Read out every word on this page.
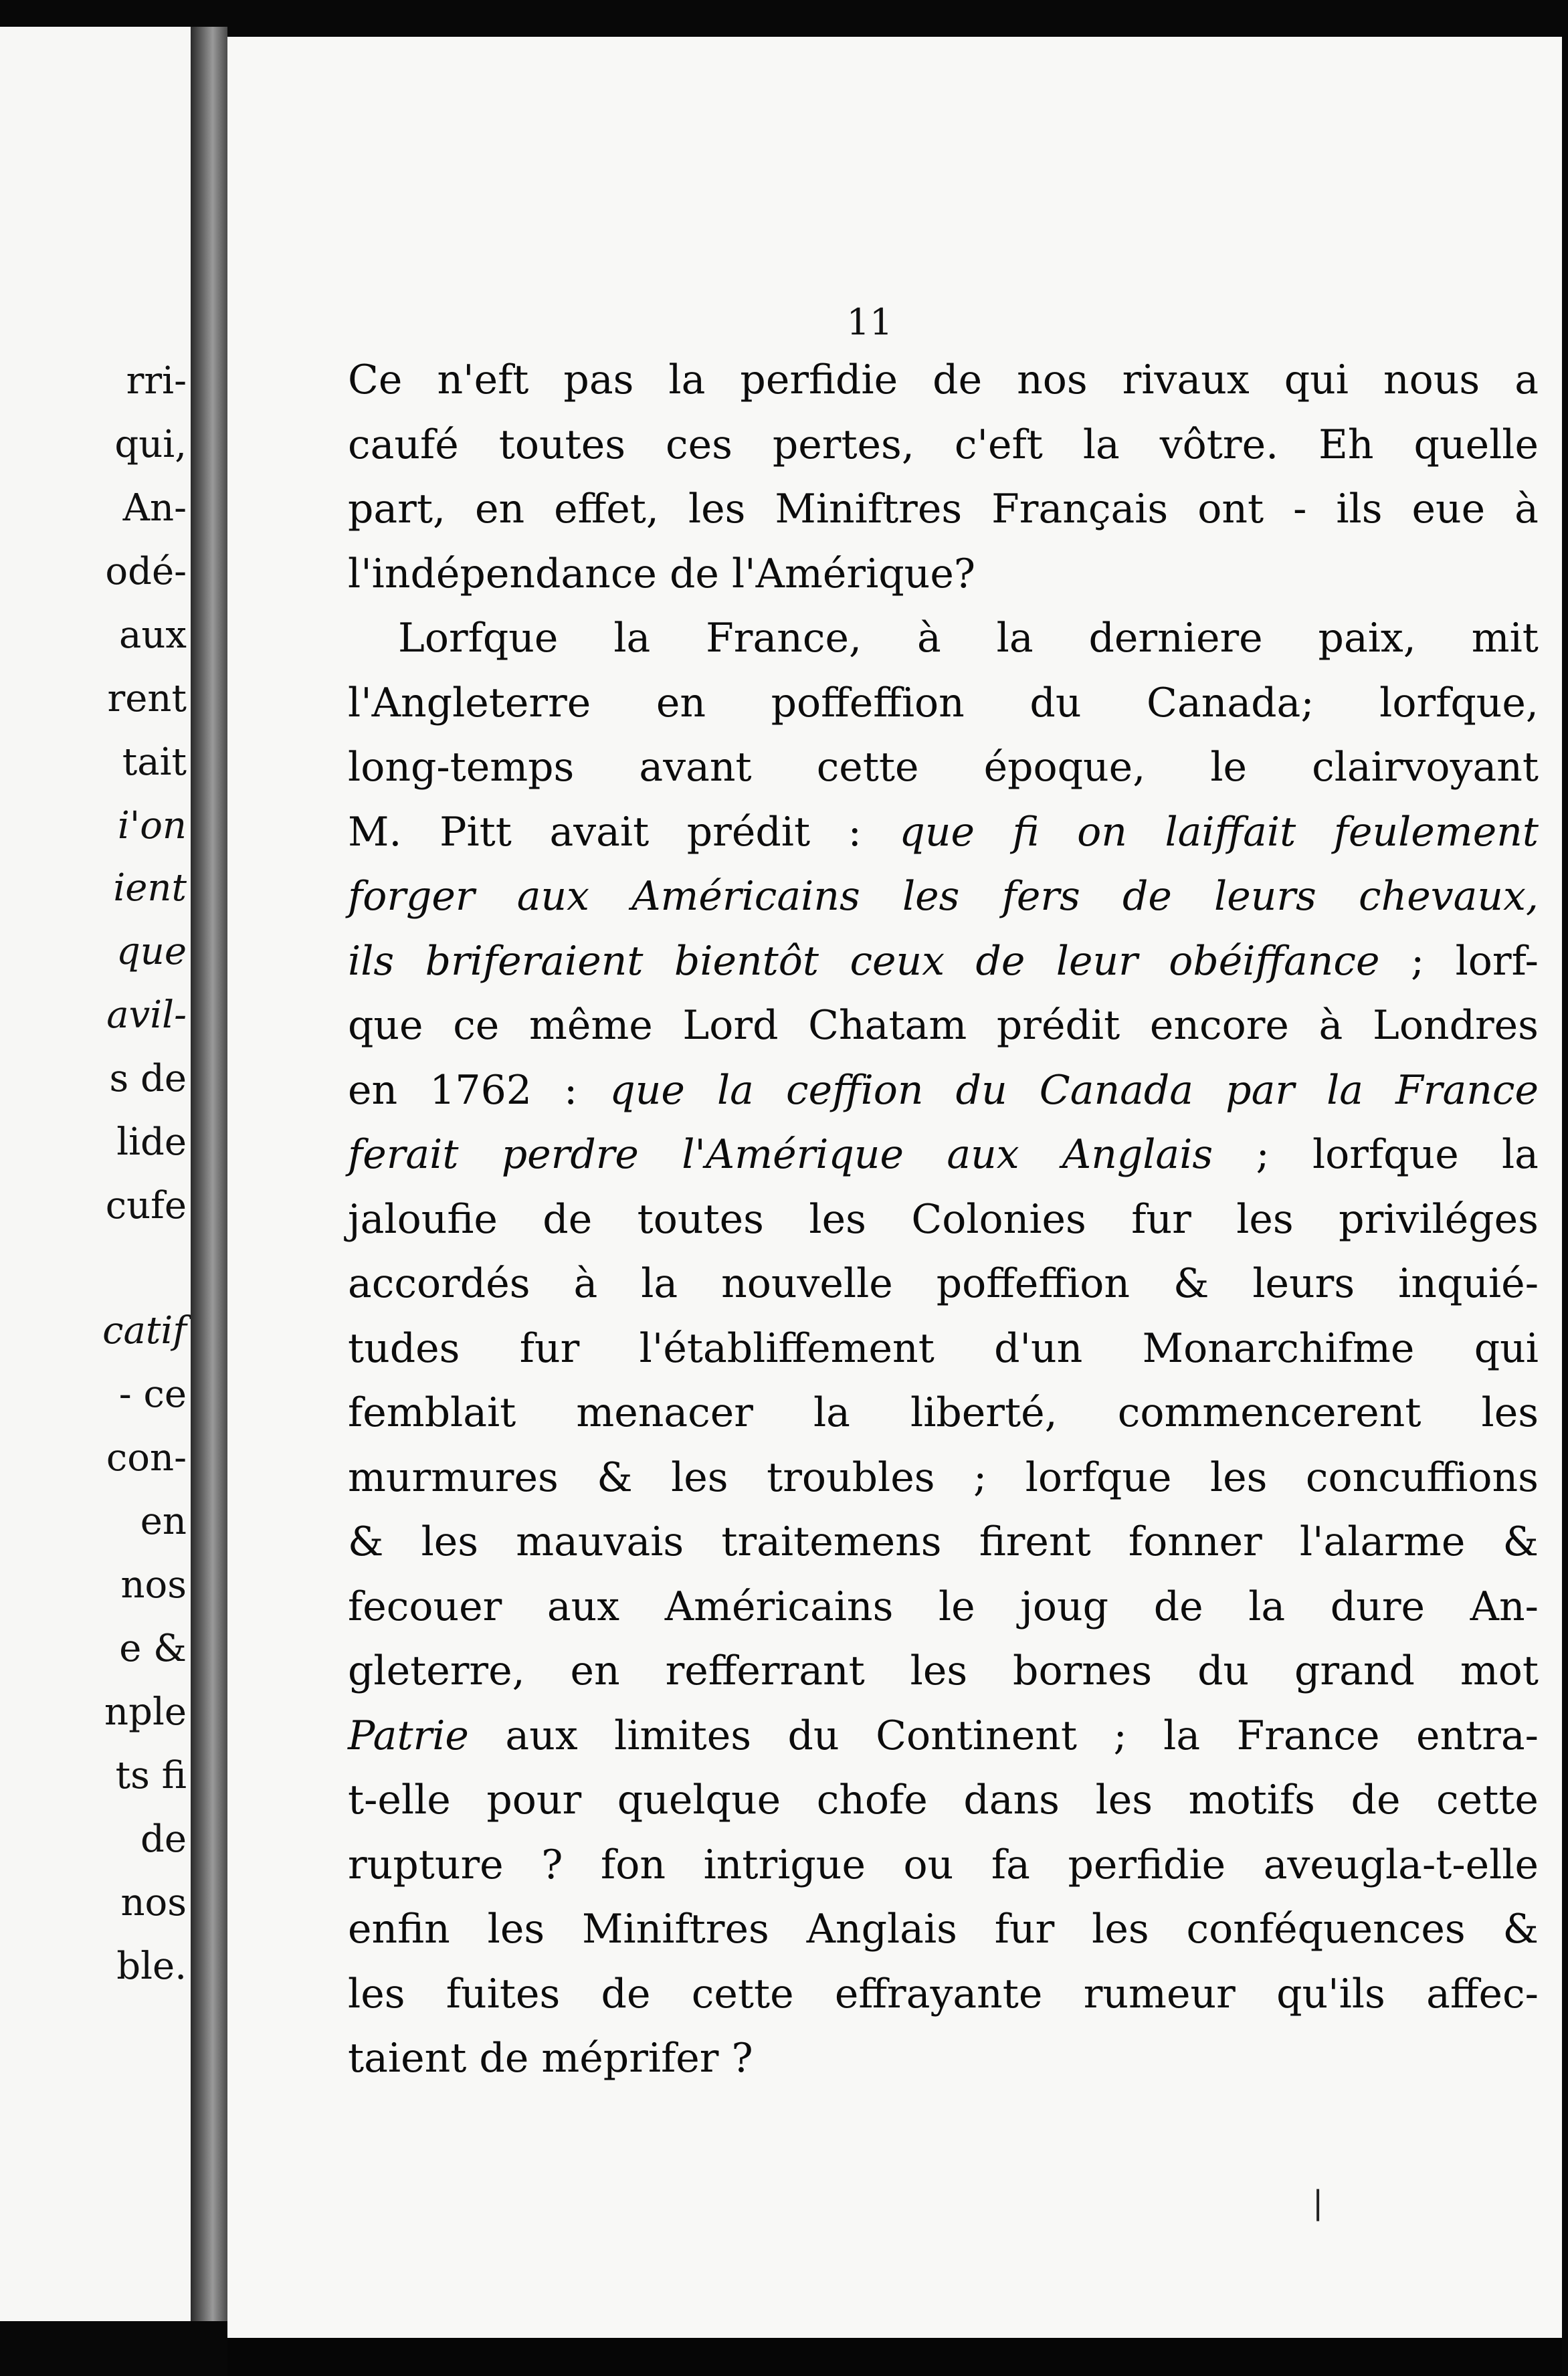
rri-
qui,
An-
odé-
aux
rent
tait
i'on
ient
que
avil-
s de
lide
cufe
catif
- ce
con-
en
nos
e &
nple
ts fi
de
nos
ble.
11
Ce n'eft pas la perfidie de nos rivaux qui nous a
caufé toutes ces pertes, c'eft la vôtre. Eh quelle
part, en effet, les Miniftres Français ont - ils eue à
l'indépendance de l'Amérique?
Lorfque la France, à la derniere paix, mit
l'Angleterre en poffeffion du Canada; lorfque,
long-temps avant cette époque, le clairvoyant
M. Pitt avait prédit : que fi on laiffait feulement
forger aux Américains les fers de leurs chevaux,
ils briferaient bientôt ceux de leur obéiffance ; lorf-
que ce même Lord Chatam prédit encore à Londres
en 1762 : que la ceffion du Canada par la France
ferait perdre l'Amérique aux Anglais ; lorfque la
jaloufie de toutes les Colonies fur les priviléges
accordés à la nouvelle poffeffion & leurs inquié-
tudes fur l'établiffement d'un Monarchifme qui
femblait menacer la liberté, commencerent les
murmures & les troubles ; lorfque les concuffions
& les mauvais traitemens firent fonner l'alarme &
fecouer aux Américains le joug de la dure An-
gleterre, en refferrant les bornes du grand mot
Patrie aux limites du Continent ; la France entra-
t-elle pour quelque chofe dans les motifs de cette
rupture ? fon intrigue ou fa perfidie aveugla-t-elle
enfin les Miniftres Anglais fur les conféquences &
les fuites de cette effrayante rumeur qu'ils affec-
taient de méprifer ?
❘
